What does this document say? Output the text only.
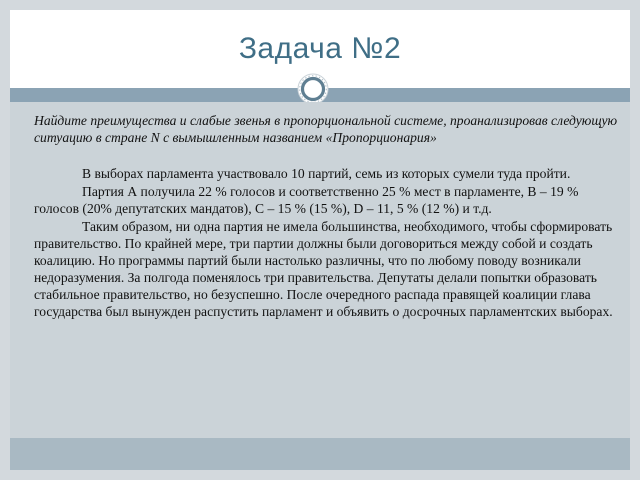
Задача №2

Найдите преимущества и слабые звенья в пропорциональной системе, проанализировав следующую ситуацию в стране N с вымышленным названием «Пропорционария»

В выборах парламента участвовало 10 партий, семь из которых сумели туда пройти.

Партия А получила 22 % голосов и соответственно 25 % мест в парламенте, В – 19 % голосов (20% депутатских мандатов), С – 15 % (15 %), D – 11, 5 % (12 %) и т.д.

Таким образом, ни одна партия не имела большинства, необходимого, чтобы сформировать правительство. По крайней мере, три партии должны были договориться между собой и создать коалицию. Но программы партий были настолько различны, что по любому поводу возникали недоразумения. За полгода поменялось три правительства. Депутаты делали попытки образовать стабильное правительство, но безуспешно. После очередного распада правящей коалиции глава государства был вынужден распустить парламент и объявить о досрочных парламентских выборах.
